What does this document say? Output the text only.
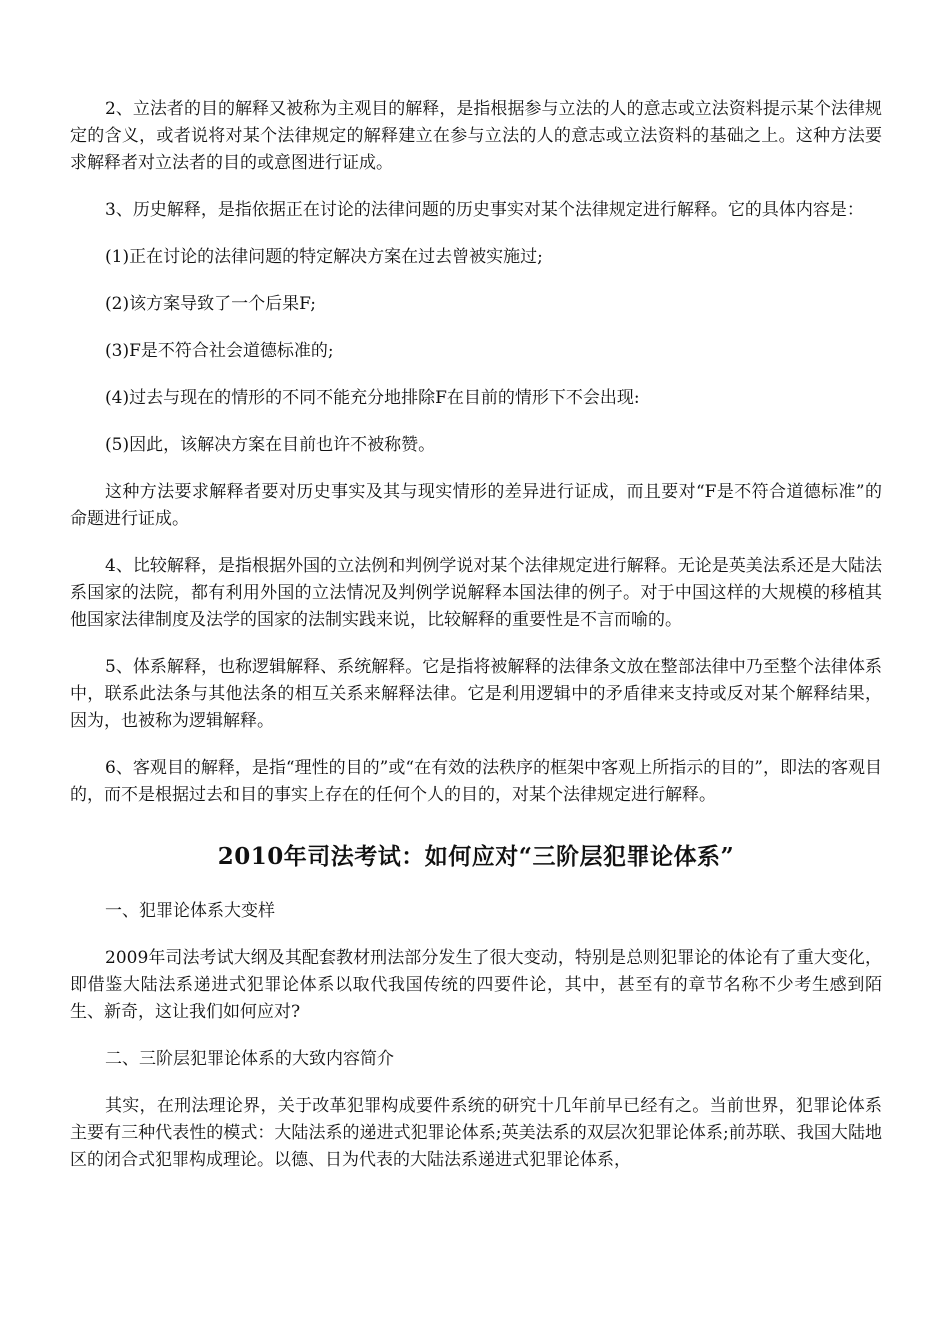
2、立法者的目的解释又被称为主观目的解释，是指根据参与立法的人的意志或立法资料提示某个法律规定的含义，或者说将对某个法律规定的解释建立在参与立法的人的意志或立法资料的基础之上。这种方法要求解释者对立法者的目的或意图进行证成。

3、历史解释，是指依据正在讨论的法律问题的历史事实对某个法律规定进行解释。它的具体内容是：

(1)正在讨论的法律问题的特定解决方案在过去曾被实施过;

(2)该方案导致了一个后果F;

(3)F是不符合社会道德标准的;

(4)过去与现在的情形的不同不能充分地排除F在目前的情形下不会出现:

(5)因此，该解决方案在目前也许不被称赞。

这种方法要求解释者要对历史事实及其与现实情形的差异进行证成，而且要对“F是不符合道德标准”的命题进行证成。

4、比较解释，是指根据外国的立法例和判例学说对某个法律规定进行解释。无论是英美法系还是大陆法系国家的法院，都有利用外国的立法情况及判例学说解释本国法律的例子。对于中国这样的大规模的移植其他国家法律制度及法学的国家的法制实践来说，比较解释的重要性是不言而喻的。

5、体系解释，也称逻辑解释、系统解释。它是指将被解释的法律条文放在整部法律中乃至整个法律体系中，联系此法条与其他法条的相互关系来解释法律。它是利用逻辑中的矛盾律来支持或反对某个解释结果，因为，也被称为逻辑解释。

6、客观目的解释，是指“理性的目的”或“在有效的法秩序的框架中客观上所指示的目的”，即法的客观目的，而不是根据过去和目的事实上存在的任何个人的目的，对某个法律规定进行解释。

2010年司法考试：如何应对“三阶层犯罪论体系”

一、犯罪论体系大变样

2009年司法考试大纲及其配套教材刑法部分发生了很大变动，特别是总则犯罪论的体论有了重大变化，即借鉴大陆法系递进式犯罪论体系以取代我国传统的四要件论，其中，甚至有的章节名称不少考生感到陌生、新奇，这让我们如何应对?

二、三阶层犯罪论体系的大致内容简介

其实，在刑法理论界，关于改革犯罪构成要件系统的研究十几年前早已经有之。当前世界，犯罪论体系主要有三种代表性的模式：大陆法系的递进式犯罪论体系;英美法系的双层次犯罪论体系;前苏联、我国大陆地区的闭合式犯罪构成理论。以德、日为代表的大陆法系递进式犯罪论体系，
